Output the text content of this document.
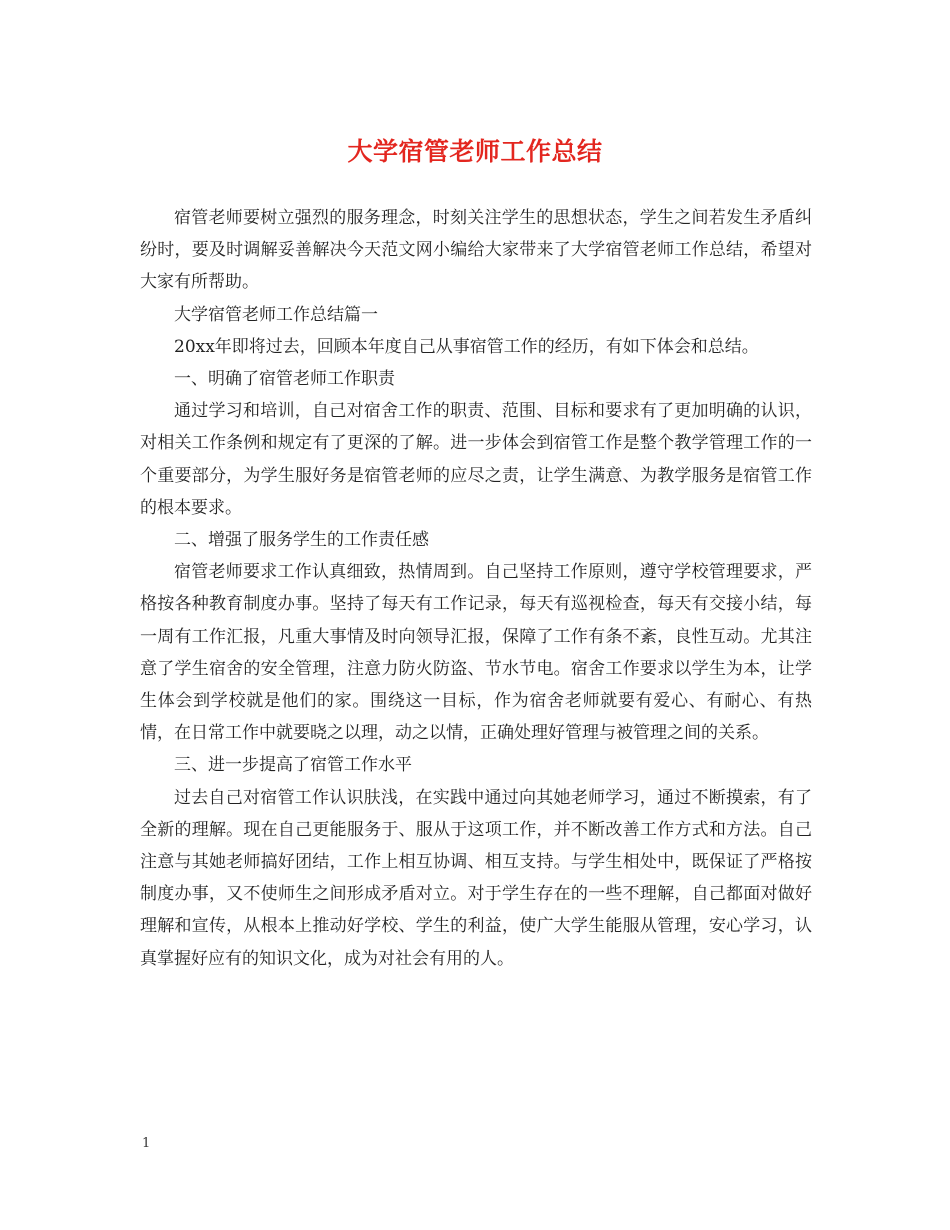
大学宿管老师工作总结

宿管老师要树立强烈的服务理念，时刻关注学生的思想状态，学生之间若发生矛盾纠纷时，要及时调解妥善解决今天范文网小编给大家带来了大学宿管老师工作总结，希望对大家有所帮助。

大学宿管老师工作总结篇一

20xx年即将过去，回顾本年度自己从事宿管工作的经历，有如下体会和总结。

一、明确了宿管老师工作职责

通过学习和培训，自己对宿舍工作的职责、范围、目标和要求有了更加明确的认识，对相关工作条例和规定有了更深的了解。进一步体会到宿管工作是整个教学管理工作的一个重要部分，为学生服好务是宿管老师的应尽之责，让学生满意、为教学服务是宿管工作的根本要求。

二、增强了服务学生的工作责任感

宿管老师要求工作认真细致，热情周到。自己坚持工作原则，遵守学校管理要求，严格按各种教育制度办事。坚持了每天有工作记录，每天有巡视检查，每天有交接小结，每一周有工作汇报，凡重大事情及时向领导汇报，保障了工作有条不紊，良性互动。尤其注意了学生宿舍的安全管理，注意力防火防盗、节水节电。宿舍工作要求以学生为本，让学生体会到学校就是他们的家。围绕这一目标，作为宿舍老师就要有爱心、有耐心、有热情，在日常工作中就要晓之以理，动之以情，正确处理好管理与被管理之间的关系。

三、进一步提高了宿管工作水平

过去自己对宿管工作认识肤浅，在实践中通过向其她老师学习，通过不断摸索，有了全新的理解。现在自己更能服务于、服从于这项工作，并不断改善工作方式和方法。自己注意与其她老师搞好团结，工作上相互协调、相互支持。与学生相处中，既保证了严格按制度办事，又不使师生之间形成矛盾对立。对于学生存在的一些不理解，自己都面对做好理解和宣传，从根本上推动好学校、学生的利益，使广大学生能服从管理，安心学习，认真掌握好应有的知识文化，成为对社会有用的人。

1
